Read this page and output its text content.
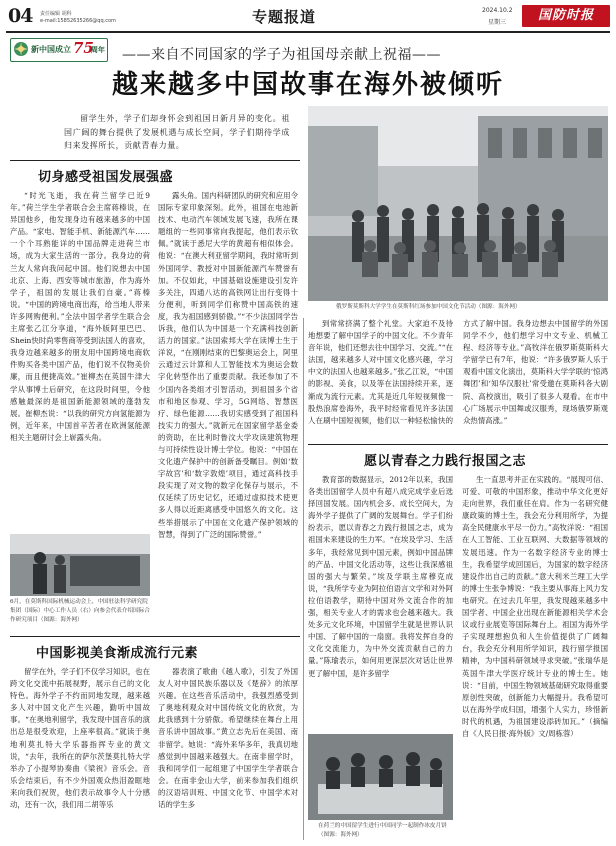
04 责任编辑 胡科
e-mail:15852635266@qq.com	专题报道	2024.10.2
星期三	国防时报
新中国成立 75
周年 ——来自不同国家的学子为祖国母亲献上祝福——
越来越多中国故事在海外被倾听
留学生外，学子们却身怀会到祖国日新月异的变化。祖国广阔的舞台提供了发展机遇与成长空间，学子们期待学成归来发挥所长，贡献青春力量。
俄罗斯莫斯科大学学生在莫斯科红场参加中国文化节活动（图源：海外网）
切身感受祖国发展强盛
“时光飞逝，我在荷兰留学已近9年。”荷兰学生学者联合会主席蒋榛说，在异国他乡，他发现身边有越来越多的中国产品。“家电、智能手机、新能源汽车……一个个耳熟能详的中国品牌走进荷兰市场，成为大家生活的一部分。我身边的荷兰友人常向我问起中国。他们说想去中国北京、上海、西安等城市旅游，作为海外学子，祖国的发展让我们自豪。”蒋榛说。“中国的跨境电商出海，给当地人带来许多网购便利。”全法中国学者学生联合会主席张乙江分享道，“海外版阿里巴巴、Shein快时尚零售商等受到法国人的喜欢，我身边越来越多的朋友用中国跨境电商软件购买各类中国产品，他们说不仅物美价廉，而且便捷高效。”崔柳杰在英国牛津大学从事博士后研究，在这段时间里，令他感触最深的是祖国新能源领域的蓬勃发展。崔柳杰说：“以我的研究方向氢能源为例，近年来，中国首辛苦者在欧洲氢能源相关主题研讨会上崭露头角。
露头角。国内科研团队的研究和应用令国际专家印象深刻。此外，祖国在电池新技术、电动汽车领域发展飞速，我所在课题组的一些同事常向我提起，他们表示钦佩。”就读于悉尼大学的黄超有相似体会。他说：“在澳大利亚留学期间，我时常听到外国同学、教授对中国新能源汽车赞誉有加。不仅如此，中国基础设施建设引发许多关注，四通八达的高铁网让出行变得十分便利，听到同学们称赞中国高铁的速度，我为祖国感到骄傲。”“不少法国同学告诉我，他们认为中国是一个充满科技创新活力的国家。”法国索邦大学在读博士生于洋说，“在刚刚结束的巴黎奥运会上，阿里云通过云计算和人工智能技术为奥运会数字化转型作出了重要贡献。我还参加了不少国内各类组才引智活动，到祖国多个省市和地区参观、学习，5G网络、智慧医疗、绿色能源……我切实感受到了祖国科技实力的强大。”就新元在国家留学基金委的资助，在比利时鲁汶大学攻读建筑物理与可持续性设计博士学位。他说：“中国在文化遗产保护中的创新备受瞩目。例如‘数字故宫’和‘数字敦煌’项目，通过高科技手段实现了对文物的数字化保存与展示，不仅延续了历史记忆，还通过虚拟技术使更多人得以近距离感受中国悠久的文化。这些举措展示了中国在文化遗产保护领域的智慧，得到了广泛的国际赞誉。”
6月，在莫斯科国际机械运动会上，中国驻法科学研究院集团（国际）中心工作人员（右）向参会代表介绍国际合作研究项目（图源：海外网）
到常常挤满了整个礼堂。大家迫不及待地想要了解中国学子的中国文化。不少青年音年说，他们还想去往中国学习、交流。”“在法国，越来越多人对中国文化感兴趣，学习中文的法国人也越来越多。”张乙江说，“中国的影视、美食，以及等在法国持续开来，逐渐成为流行元素。尤其是近几年短视频像一股热浪席卷海外，我平时经常看见许多法国人在刷中国短视频，他们以一种轻松愉快的方式了解中国。我身边想去中国留学的外国同学不少，他们想学习中文专业、机械工程、经济等专业。”高牧洋在俄罗斯莫斯科大学留学已有7年，他说：“许多俄罗斯人乐于观看中国文化演出，莫斯科大学学联的‘惊鸿舞团’和‘知华汉服社’常受邀在莫斯科各大剧院、高校演出，吸引了很多人观看。在市中心广场展示中国舞或汉服秀，现场俄罗斯观众热情高涨。”
愿以青春之力践行报国之志
教育部的数据显示，2012年以来，我国各类出国留学人员中有超八成完成学业后选择回国发展。国内机会多、成长空间大，为海外学子提供了广阔的发展舞台。学子们纷纷表示，愿以青春之力践行报国之志，成为祖国未来建设的生力军。“在埃及学习、生活多年，我经常见到中国元素，例如中国品牌的产品、中国文化活动等，这些让我深感祖国的强大与繁荣。”埃及学联主席穆克成说，“我所学专业为阿拉伯语言文学和对外阿拉伯语教学，期待中国对外文流合作的加强，相关专业人才的需求也会越来越大。我处多元文化环境，中国留学生就是世界认识中国、了解中国的一扇窗。我将发挥自身的文化交流能力，为中外交流贡献自己的力量。”陈瑜表示，如何用更深层次对话让世界更了解中国，是许多留学
生一直思考并正在实践的。“展现可信、可爱、可敬的中国形象，推动中华文化更好走向世界，我们重任在肩。作为一名研究健康政策的博士生，我会充分利用所学，为提高全民健康水平尽一份力。”高牧洋说：“祖国在人工智能、工业互联网、大数据等领域的发展迅速。作为一名数字经济专业的博士生，我希望学成回国后，为国家的数字经济建设作出自己的贡献。”意大利米兰理工大学的博士生张争博说：“我主要从事海上风力发电研究。在过去几年里，我发现越来越多中国学者、中国企业出现在新能源相关学术会议或行业展览等国际舞台上。祖国为海外学子实现理想抱负和人生价值提供了广阔舞台，我会充分利用所学知识，践行留学报国精神，为中国科研领域寻求突破。”张瑞华是英国牛津大学医疗统计专业的博士生。她说：“目前，中国生物领域基础研究取得重要原创性突破，创新能力大幅提升。我希望可以在海外学成归国，增强个人实力，珍惜新时代的机遇，为祖国建设添砖加瓦。”（摘编自《人民日报·海外版》文/周栋蓉）
在荷兰的中国留学生进行中国同学一起制作冰皮月饼（图源：海外网）
中国影视美食渐成流行元素
留学在外，学子们不仅学习知识，也在跨文化交流中拓展视野，展示自己的文化特色。海外学子不约而同地发现，越来越多人对中国文化产生兴趣，勤听中国故事。“在奥地利留学，我发现中国音乐的演出总是很受欢迎，上座率很高。”就读于奥地利莫扎特大学乐器指挥专业的黄文说，“去年，我所在的萨尔茨堡莫扎特大学举办了小提琴协奏曲《梁祝》音乐会。音乐会结束后，有不少外国观众热泪盈眶地来向我们祝贺，他们表示故事令人十分感动，还有一次，我们用二胡等乐
器表演了歌曲《越人歌》，引发了外国友人对中国民族乐器以及《楚辞》的浓厚兴趣。在这些音乐活动中，我强烈感受到了奥地利观众对中国传统文化的欣赏，为此我感到十分骄傲。希望继续在舞台上用音乐讲中国故事。”黄立志先后在美国、南非留学。她说：“海外来华多年，我真切地感觉到中国越来越强大。在南非留学时，我和同学们一起组建了中国学生学者联合会。在南非金山大学，前来参加我们组织的汉语培训班、中国文化节、中国学术对话的学生多
